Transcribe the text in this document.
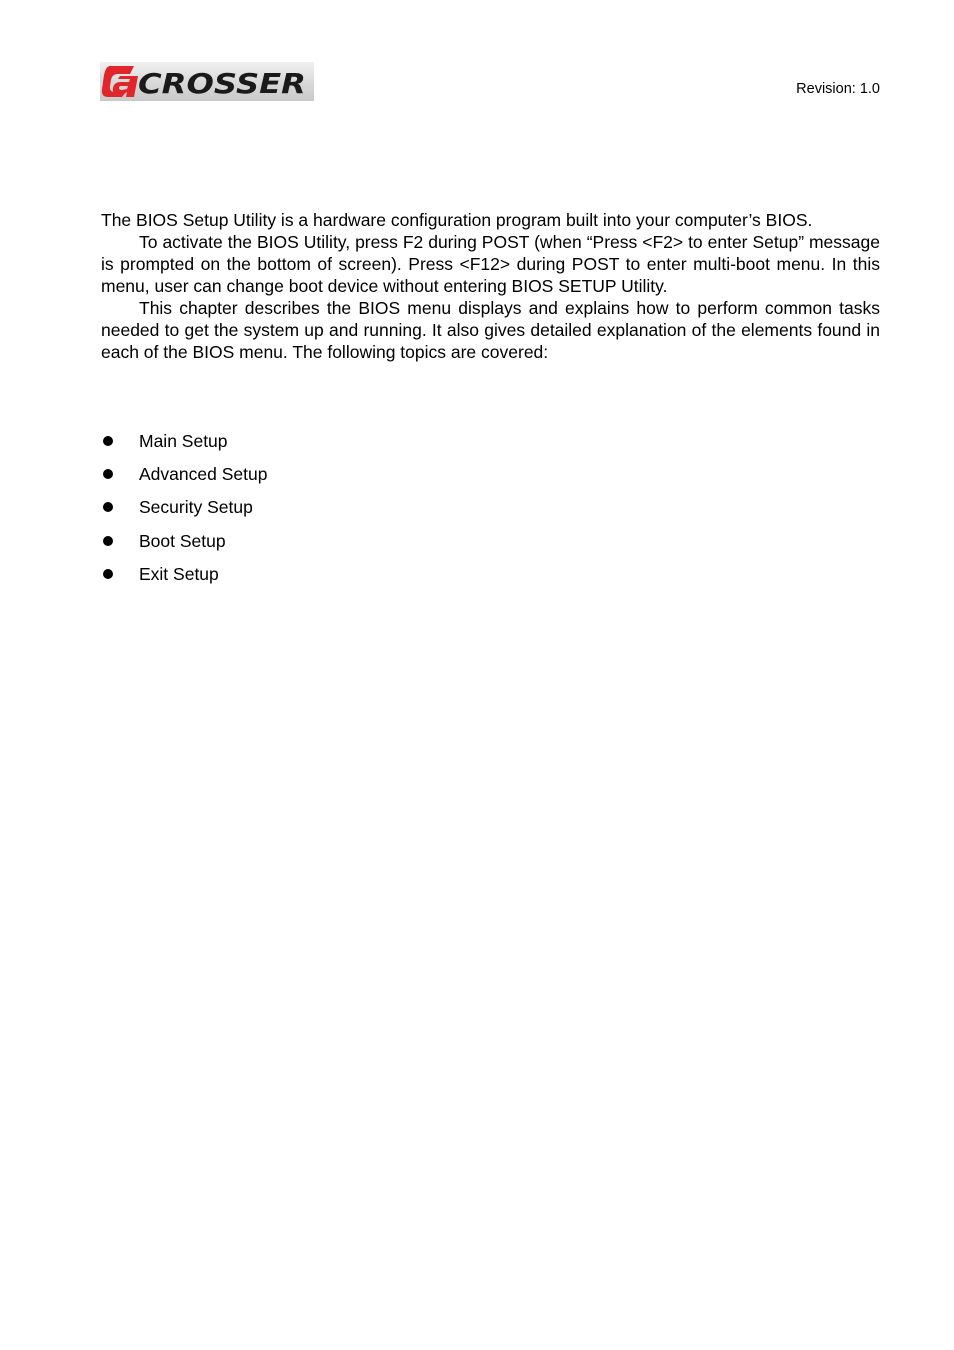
CROSSER	Revision: 1.0

The BIOS Setup Utility is a hardware configuration program built into your computer’s BIOS.

To activate the BIOS Utility, press F2 during POST (when “Press <F2> to enter Setup” message is prompted on the bottom of screen). Press <F12> during POST to enter multi-boot menu. In this menu, user can change boot device without entering BIOS SETUP Utility.

This chapter describes the BIOS menu displays and explains how to perform common tasks needed to get the system up and running. It also gives detailed explanation of the elements found in each of the BIOS menu. The following topics are covered:

Main Setup
Advanced Setup
Security Setup
Boot Setup
Exit Setup
